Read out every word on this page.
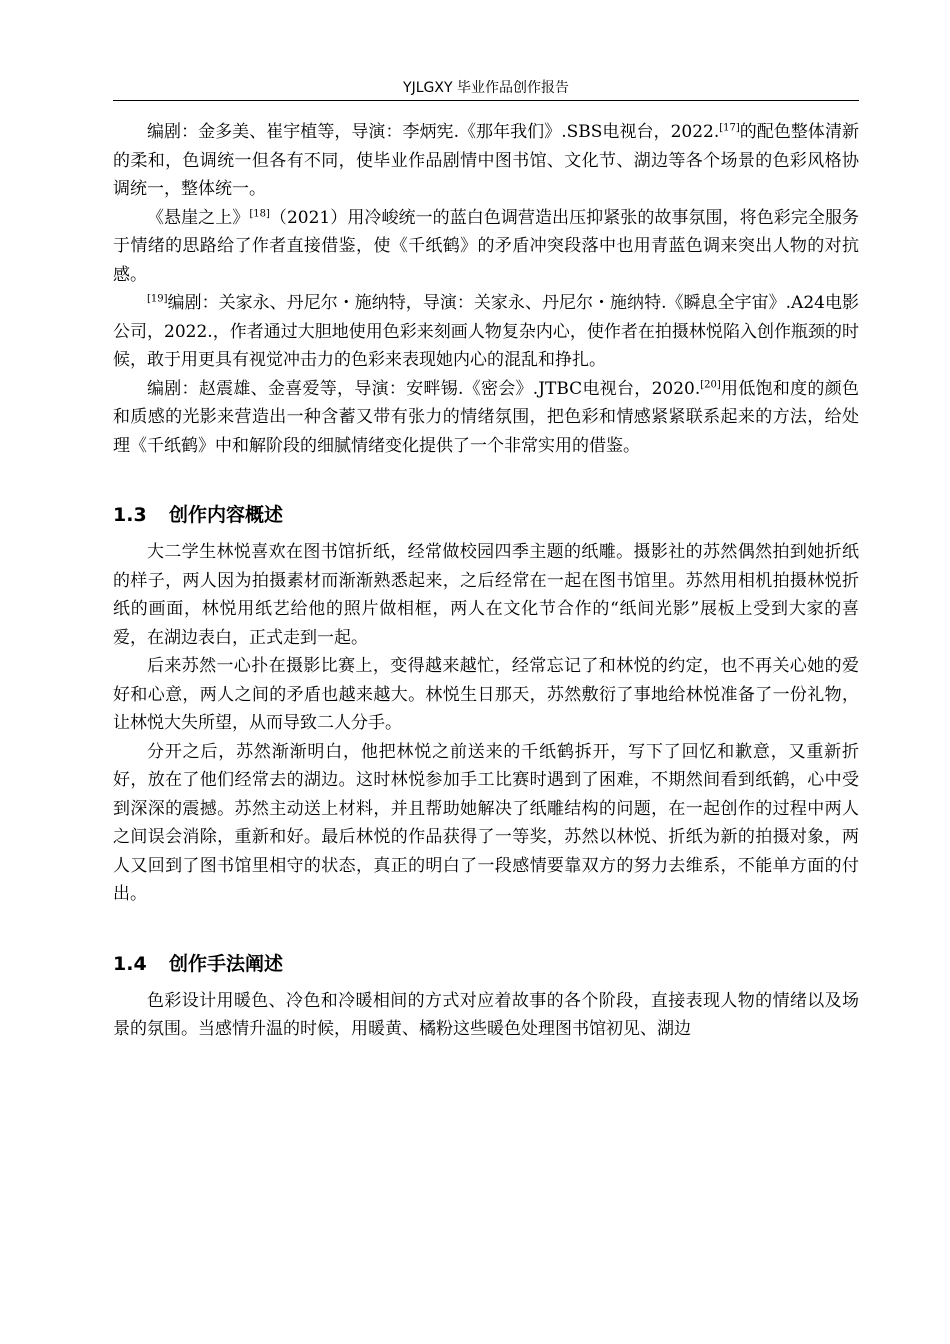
YJLGXY 毕业作品创作报告

编剧：金多美、崔宇植等，导演：李炳宪.《那年我们》.SBS电视台，2022.[17]的配色整体清新的柔和，色调统一但各有不同，使毕业作品剧情中图书馆、文化节、湖边等各个场景的色彩风格协调统一，整体统一。

《悬崖之上》[18]（2021）用冷峻统一的蓝白色调营造出压抑紧张的故事氛围，将色彩完全服务于情绪的思路给了作者直接借鉴，使《千纸鹤》的矛盾冲突段落中也用青蓝色调来突出人物的对抗感。

[19]编剧：关家永、丹尼尔・施纳特，导演：关家永、丹尼尔・施纳特.《瞬息全宇宙》.A24电影公司，2022.，作者通过大胆地使用色彩来刻画人物复杂内心，使作者在拍摄林悦陷入创作瓶颈的时候，敢于用更具有视觉冲击力的色彩来表现她内心的混乱和挣扎。

编剧：赵震雄、金喜爱等，导演：安畔锡.《密会》.JTBC电视台，2020.[20]用低饱和度的颜色和质感的光影来营造出一种含蓄又带有张力的情绪氛围，把色彩和情感紧紧联系起来的方法，给处理《千纸鹤》中和解阶段的细腻情绪变化提供了一个非常实用的借鉴。

1.3 创作内容概述

大二学生林悦喜欢在图书馆折纸，经常做校园四季主题的纸雕。摄影社的苏然偶然拍到她折纸的样子，两人因为拍摄素材而渐渐熟悉起来，之后经常在一起在图书馆里。苏然用相机拍摄林悦折纸的画面，林悦用纸艺给他的照片做相框，两人在文化节合作的“纸间光影”展板上受到大家的喜爱，在湖边表白，正式走到一起。

后来苏然一心扑在摄影比赛上，变得越来越忙，经常忘记了和林悦的约定，也不再关心她的爱好和心意，两人之间的矛盾也越来越大。林悦生日那天，苏然敷衍了事地给林悦准备了一份礼物，让林悦大失所望，从而导致二人分手。

分开之后，苏然渐渐明白，他把林悦之前送来的千纸鹤拆开，写下了回忆和歉意，又重新折好，放在了他们经常去的湖边。这时林悦参加手工比赛时遇到了困难，不期然间看到纸鹤，心中受到深深的震撼。苏然主动送上材料，并且帮助她解决了纸雕结构的问题，在一起创作的过程中两人之间误会消除，重新和好。最后林悦的作品获得了一等奖，苏然以林悦、折纸为新的拍摄对象，两人又回到了图书馆里相守的状态，真正的明白了一段感情要靠双方的努力去维系，不能单方面的付出。

1.4 创作手法阐述

色彩设计用暖色、冷色和冷暖相间的方式对应着故事的各个阶段，直接表现人物的情绪以及场景的氛围。当感情升温的时候，用暖黄、橘粉这些暖色处理图书馆初见、湖边
